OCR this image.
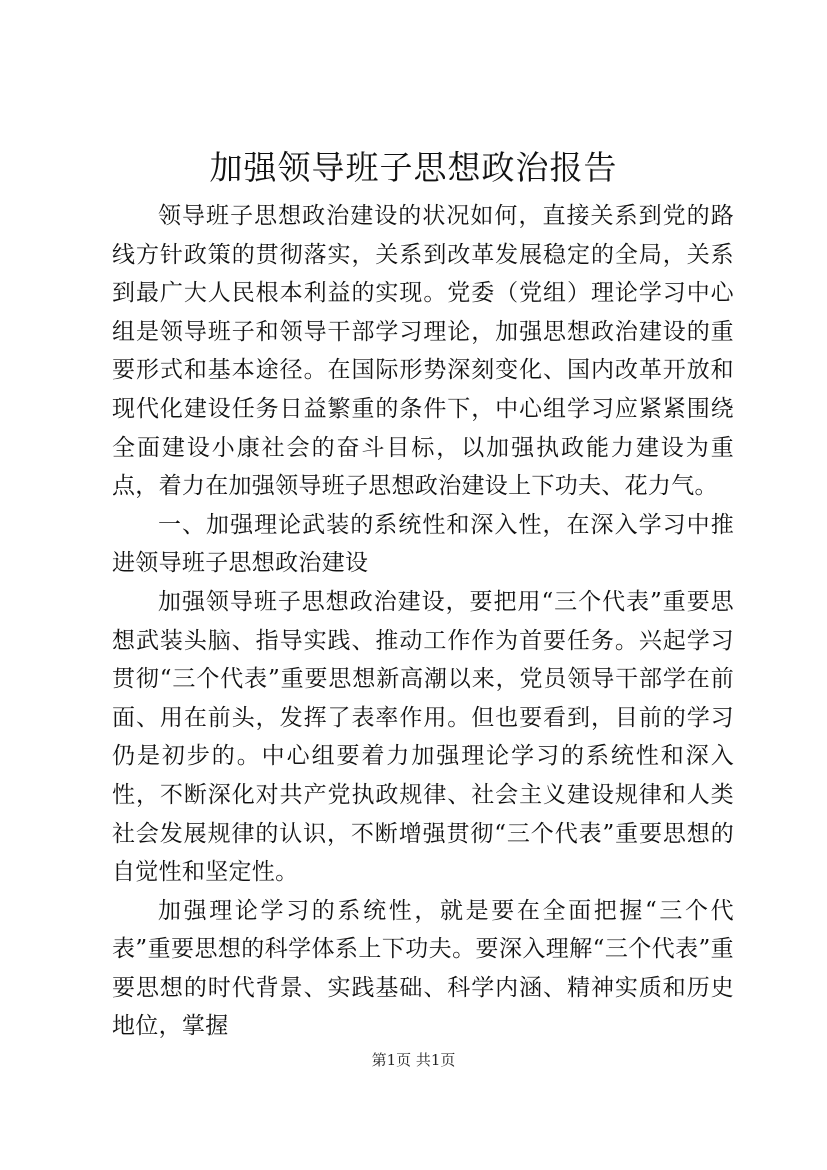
加强领导班子思想政治报告

领导班子思想政治建设的状况如何，直接关系到党的路线方针政策的贯彻落实，关系到改革发展稳定的全局，关系到最广大人民根本利益的实现。党委（党组）理论学习中心组是领导班子和领导干部学习理论，加强思想政治建设的重要形式和基本途径。在国际形势深刻变化、国内改革开放和现代化建设任务日益繁重的条件下，中心组学习应紧紧围绕全面建设小康社会的奋斗目标，以加强执政能力建设为重点，着力在加强领导班子思想政治建设上下功夫、花力气。

一、加强理论武装的系统性和深入性，在深入学习中推进领导班子思想政治建设

加强领导班子思想政治建设，要把用“三个代表”重要思想武装头脑、指导实践、推动工作作为首要任务。兴起学习贯彻“三个代表”重要思想新高潮以来，党员领导干部学在前面、用在前头，发挥了表率作用。但也要看到，目前的学习仍是初步的。中心组要着力加强理论学习的系统性和深入性，不断深化对共产党执政规律、社会主义建设规律和人类社会发展规律的认识，不断增强贯彻“三个代表”重要思想的自觉性和坚定性。

加强理论学习的系统性，就是要在全面把握“三个代表”重要思想的科学体系上下功夫。要深入理解“三个代表”重要思想的时代背景、实践基础、科学内涵、精神实质和历史地位，掌握

第1页 共1页
